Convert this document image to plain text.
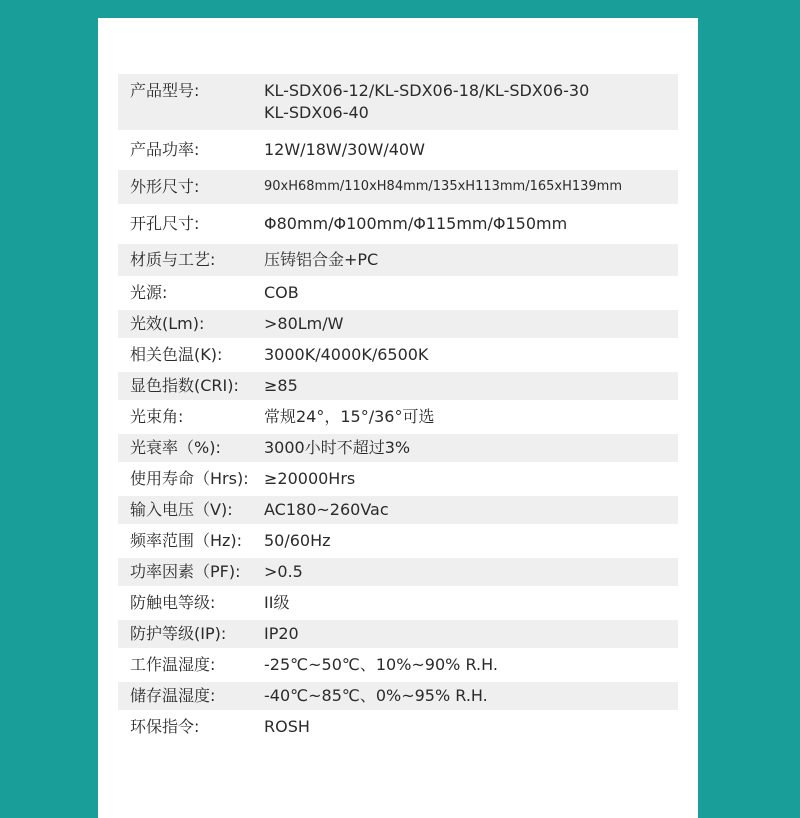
产品型号:	KL-SDX06-12/KL-SDX06-18/KL-SDX06-30
KL-SDX06-40
产品功率:	12W/18W/30W/40W
外形尺寸:	90xH68mm/110xH84mm/135xH113mm/165xH139mm
开孔尺寸:	Φ80mm/Φ100mm/Φ115mm/Φ150mm
材质与工艺:	压铸铝合金+PC
光源:	COB
光效(Lm):	>80Lm/W
相关色温(K):	3000K/4000K/6500K
显色指数(CRI):	≥85
光束角:	常规24°，15°/36°可选
光衰率（%):	3000小时不超过3%
使用寿命（Hrs): ≥20000Hrs
输入电压（V):	AC180~260Vac
频率范围（Hz):	50/60Hz
功率因素（PF):	>0.5
防触电等级:	II级
防护等级(IP):	IP20
工作温湿度:	-25℃~50℃、10%~90% R.H.
储存温湿度:	-40℃~85℃、0%~95% R.H.
环保指令:	ROSH
